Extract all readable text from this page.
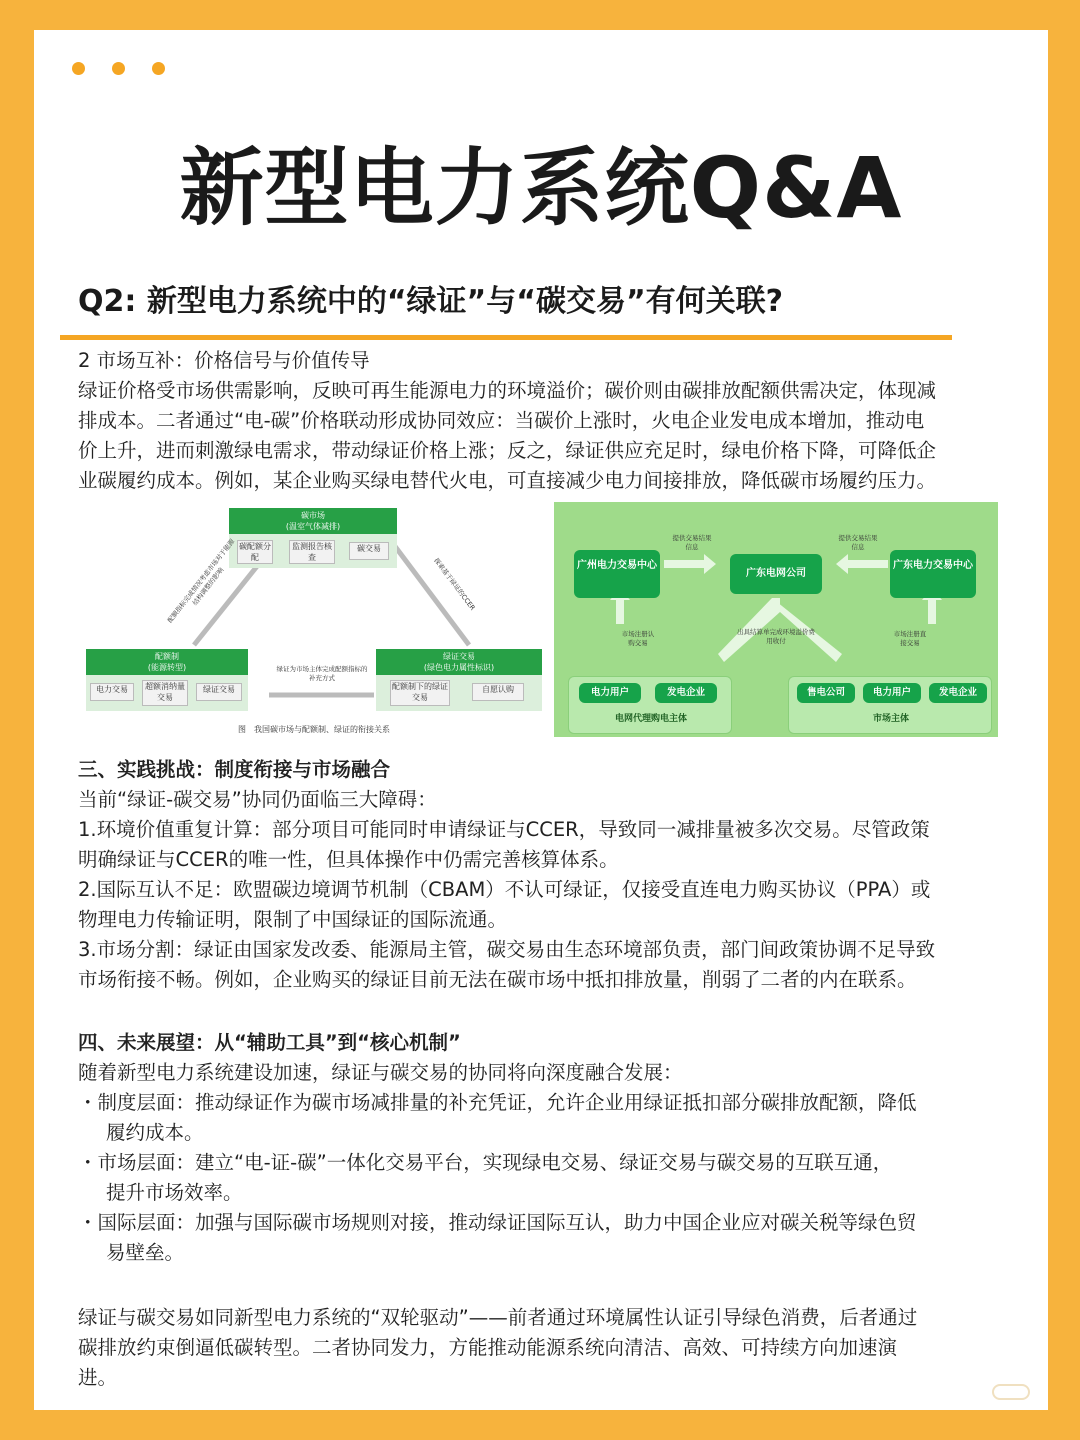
新型电力系统Q&A
Q2: 新型电力系统中的“绿证”与“碳交易”有何关联?
2 市场互补：价格信号与价值传导
绿证价格受市场供需影响，反映可再生能源电力的环境溢价；碳价则由碳排放配额供需决定，体现减
排成本。二者通过“电-碳”价格联动形成协同效应：当碳价上涨时，火电企业发电成本增加，推动电
价上升，进而刺激绿电需求，带动绿证价格上涨；反之，绿证供应充足时，绿电价格下降，可降低企
业碳履约成本。例如，某企业购买绿电替代火电，可直接减少电力间接排放，降低碳市场履约压力。
碳市场
(温室气体减排)
碳配额分配
监测报告核查
碳交易
配额制
(能源转型)
电力交易	超额消纳量交易
绿证交易
绿证交易
(绿色电力属性标识)
配额制下的绿证交易
自愿认购
配额指标完成情况考虑市场对于能源结构调整的影响	探索基于绿证的CCER
绿证为市场主体完成配额指标的补充方式
图　我国碳市场与配额制、绿证的衔接关系
广州电力交易中心
广东电网公司
广东电力交易中心
提供交易结果信息
提供交易结果信息
市场注册认购交易
市场注册直接交易
出具结算单完成环境溢价费用收付
电力用户	发电企业
电网代理购电主体
售电公司	电力用户	发电企业
市场主体
三、实践挑战：制度衔接与市场融合
当前“绿证-碳交易”协同仍面临三大障碍：
1.环境价值重复计算：部分项目可能同时申请绿证与CCER，导致同一减排量被多次交易。尽管政策
明确绿证与CCER的唯一性，但具体操作中仍需完善核算体系。
2.国际互认不足：欧盟碳边境调节机制（CBAM）不认可绿证，仅接受直连电力购买协议（PPA）或
物理电力传输证明，限制了中国绿证的国际流通。
3.市场分割：绿证由国家发改委、能源局主管，碳交易由生态环境部负责，部门间政策协调不足导致
市场衔接不畅。例如，企业购买的绿证目前无法在碳市场中抵扣排放量，削弱了二者的内在联系。
四、未来展望：从“辅助工具”到“核心机制”
随着新型电力系统建设加速，绿证与碳交易的协同将向深度融合发展：
・制度层面：推动绿证作为碳市场减排量的补充凭证，允许企业用绿证抵扣部分碳排放配额，降低
履约成本。
・市场层面：建立“电-证-碳”一体化交易平台，实现绿电交易、绿证交易与碳交易的互联互通，
提升市场效率。
・国际层面：加强与国际碳市场规则对接，推动绿证国际互认，助力中国企业应对碳关税等绿色贸
易壁垒。
绿证与碳交易如同新型电力系统的“双轮驱动”——前者通过环境属性认证引导绿色消费，后者通过
碳排放约束倒逼低碳转型。二者协同发力，方能推动能源系统向清洁、高效、可持续方向加速演
进。
